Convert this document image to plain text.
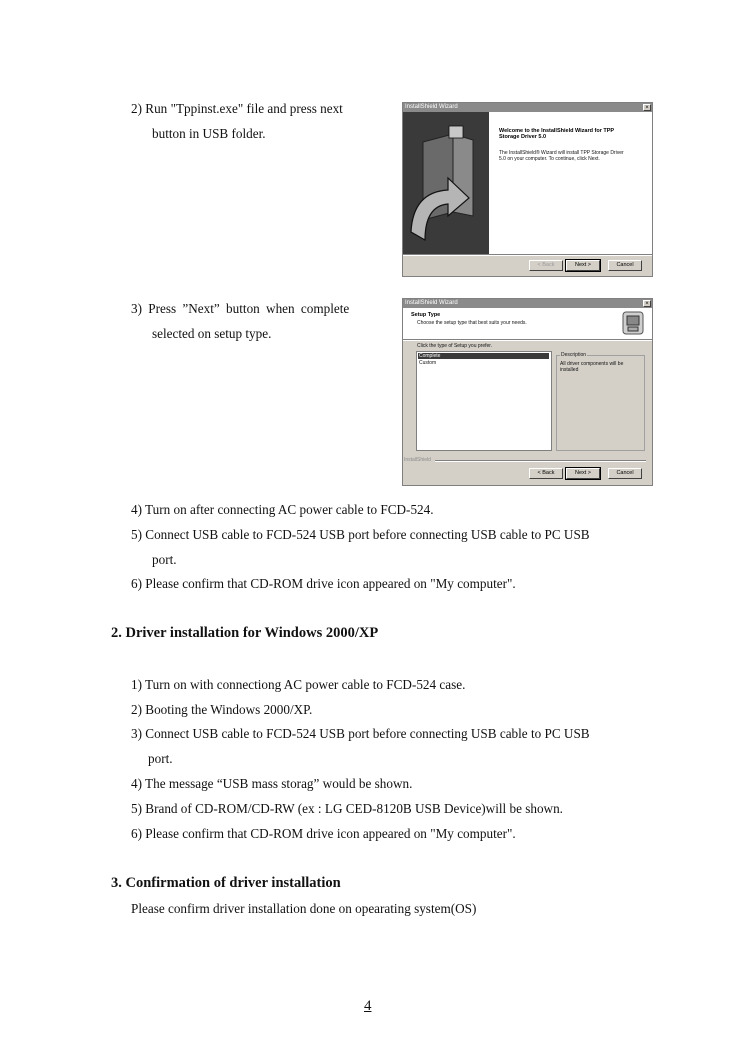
2) Run "Tppinst.exe" file and press next
button in USB folder.
InstallShield Wizard	×
Welcome to the InstallShield Wizard for TPP
Storage Driver 5.0
The InstallShield® Wizard will install TPP Storage Driver
5.0 on your computer. To continue, click Next.
< Back	Next >	Cancel
3) Press ”Next” button when complete
selected on setup type.
InstallShield Wizard	×
Setup Type
Choose the setup type that best suits your needs.
Click the type of Setup you prefer.
Complete
Custom
Description
All driver components will be
installed
InstallShield
< Back	Next >	Cancel
4) Turn on after connecting AC power cable to FCD-524.
5) Connect USB cable to FCD-524 USB port before connecting USB cable to PC USB
port.
6) Please confirm that CD-ROM drive icon appeared on "My computer".
2. Driver installation for Windows 2000/XP
1) Turn on with connectiong AC power cable to FCD-524 case.
2) Booting the Windows 2000/XP.
3) Connect USB cable to FCD-524 USB port before connecting USB cable to PC USB
port.
4) The message “USB mass storag” would be shown.
5) Brand of CD-ROM/CD-RW (ex : LG CED-8120B USB Device)will be shown.
6) Please confirm that CD-ROM drive icon appeared on "My computer".
3. Confirmation of driver installation
Please confirm driver installation done on opearating system(OS)
4
